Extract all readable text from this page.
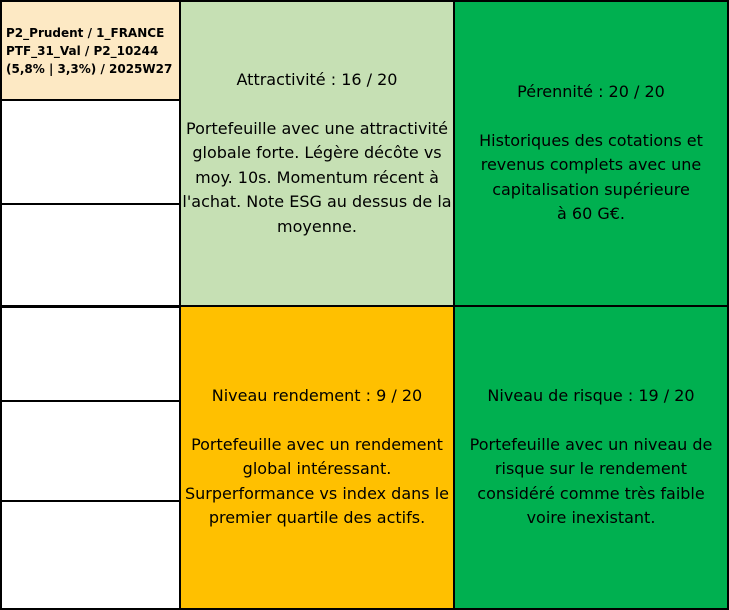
P2_Prudent / 1_FRANCE
PTF_31_Val / P2_10244
(5,8% | 3,3%) / 2025W27
Attractivité : 16 / 20
Portefeuille avec une attractivité
globale forte. Légère décôte vs
moy. 10s. Momentum récent à
l'achat. Note ESG au dessus de la
moyenne.
Pérennité : 20 / 20
Historiques des cotations et
revenus complets avec une
capitalisation supérieure
à 60 G€.
Niveau rendement : 9 / 20
Portefeuille avec un rendement
global intéressant.
Surperformance vs index dans le
premier quartile des actifs.
Niveau de risque : 19 / 20
Portefeuille avec un niveau de
risque sur le rendement
considéré comme très faible
voire inexistant.
